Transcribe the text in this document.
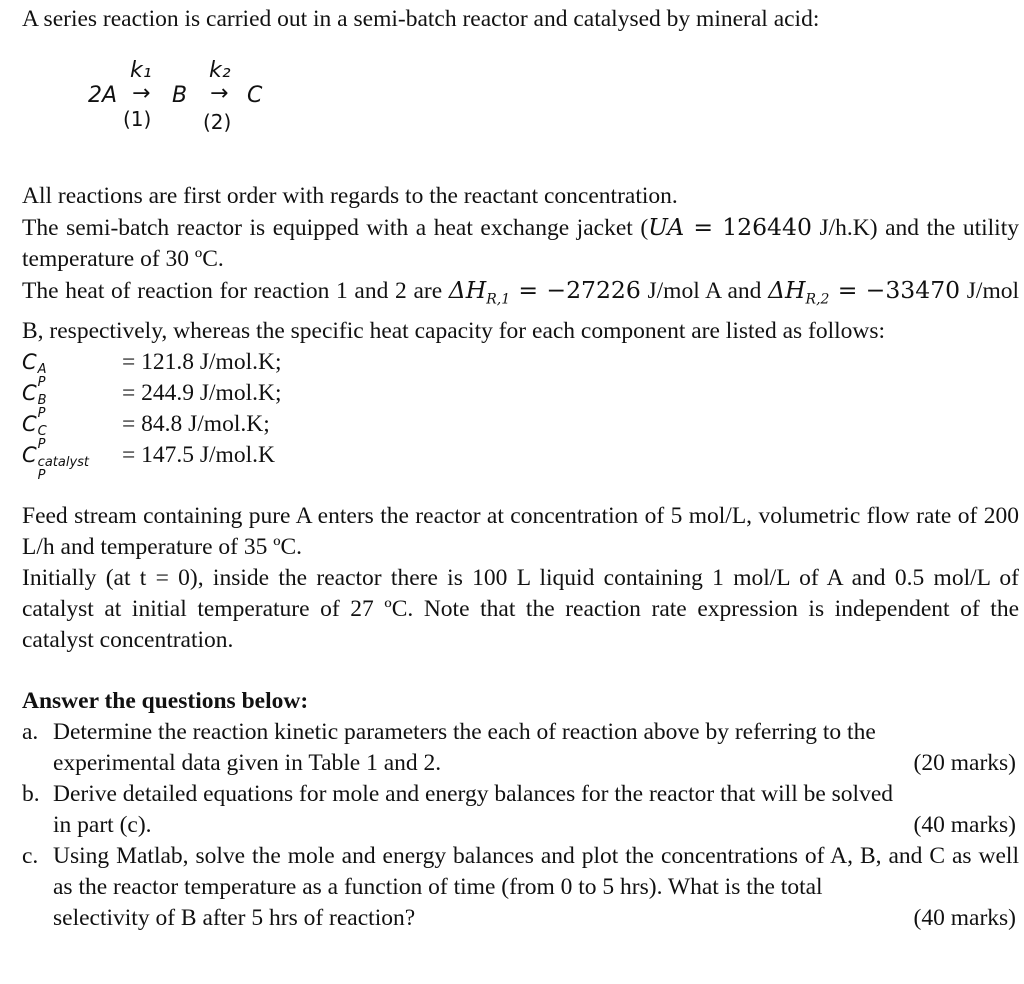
A series reaction is carried out in a semi-batch reactor and catalysed by mineral acid:

k₁	k₂
2A → B → C
(1)	(2)

All reactions are first order with regards to the reactant concentration.

The semi-batch reactor is equipped with a heat exchange jacket (UA = 126440 J/h.K) and the utility temperature of 30 ºC.

The heat of reaction for reaction 1 and 2 are $\Delta H_{R,1} = -27226$ J/mol A and $\Delta H_{R,2} = -33470$ J/mol B, respectively, whereas the specific heat capacity for each component are listed as follows:

C A
P
= 121.8 J/mol.K;
C B
P
= 244.9 J/mol.K;
C C
P
= 84.8 J/mol.K;
C catalyst
P
= 147.5 J/mol.K

Feed stream containing pure A enters the reactor at concentration of 5 mol/L, volumetric flow rate of 200 L/h and temperature of 35 ºC.

Initially (at t = 0), inside the reactor there is 100 L liquid containing 1 mol/L of A and 0.5 mol/L of catalyst at initial temperature of 27 ºC. Note that the reaction rate expression is independent of the catalyst concentration.

Answer the questions below:

a. Determine the reaction kinetic parameters the each of reaction above by referring to the

experimental data given in Table 1 and 2.	(20 marks)
b. Derive detailed equations for mole and energy balances for the reactor that will be solved

in part (c).	(40 marks)
c. Using Matlab, solve the mole and energy balances and plot the concentrations of A, B, and C as well as the reactor temperature as a function of time (from 0 to 5 hrs). What is the total

selectivity of B after 5 hrs of reaction?	(40 marks)
